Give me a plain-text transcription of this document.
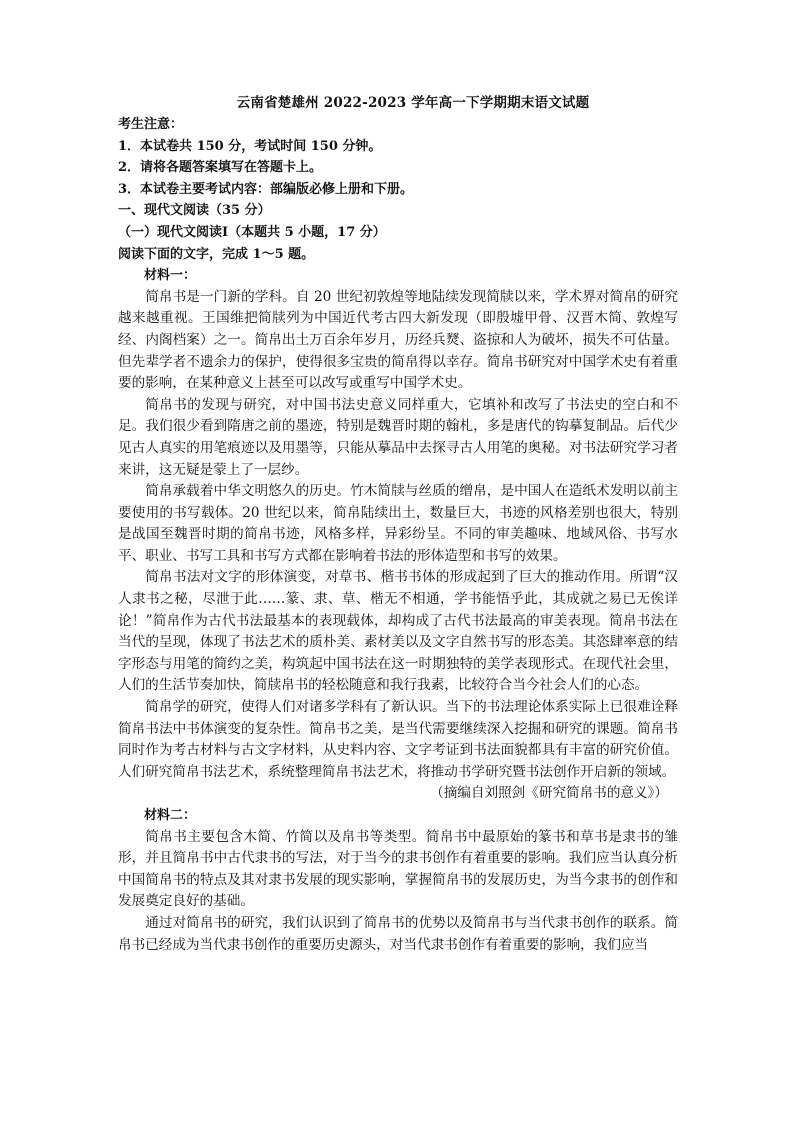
云南省楚雄州 2022-2023 学年高一下学期期末语文试题
考生注意：
1．本试卷共 150 分，考试时间 150 分钟。
2．请将各题答案填写在答题卡上。
3．本试卷主要考试内容：部编版必修上册和下册。
一、现代文阅读（35 分）
（一）现代文阅读Ⅰ（本题共 5 小题，17 分）
阅读下面的文字，完成 1～5 题。
材料一：

简帛书是一门新的学科。自 20 世纪初敦煌等地陆续发现简牍以来，学术界对简帛的研究越来越重视。王国维把简牍列为中国近代考古四大新发现（即殷墟甲骨、汉晋木简、敦煌写经、内阁档案）之一。简帛出土万百余年岁月，历经兵燹、盗掠和人为破坏，损失不可估量。但先辈学者不遗余力的保护，使得很多宝贵的简帛得以幸存。简帛书研究对中国学术史有着重要的影响，在某种意义上甚至可以改写或重写中国学术史。

简帛书的发现与研究，对中国书法史意义同样重大，它填补和改写了书法史的空白和不足。我们很少看到隋唐之前的墨迹，特别是魏晋时期的翰札，多是唐代的钩摹复制品。后代少见古人真实的用笔痕迹以及用墨等，只能从摹品中去探寻古人用笔的奥秘。对书法研究学习者来讲，这无疑是蒙上了一层纱。

简帛承载着中华文明悠久的历史。竹木简牍与丝质的缯帛，是中国人在造纸术发明以前主要使用的书写载体。20 世纪以来，简帛陆续出土，数量巨大，书迹的风格差别也很大，特别是战国至魏晋时期的简帛书迹，风格多样，异彩纷呈。不同的审美趣味、地域风俗、书写水平、职业、书写工具和书写方式都在影响着书法的形体造型和书写的效果。

简帛书法对文字的形体演变，对草书、楷书书体的形成起到了巨大的推动作用。所谓“汉人隶书之秘，尽泄于此……篆、隶、草、楷无不相通，学书能悟乎此，其成就之易已无俟详论！”简帛作为古代书法最基本的表现载体，却构成了古代书法最高的审美表现。简帛书法在当代的呈现，体现了书法艺术的质朴美、素材美以及文字自然书写的形态美。其恣肆率意的结字形态与用笔的简约之美，构筑起中国书法在这一时期独特的美学表现形式。在现代社会里，人们的生活节奏加快，简牍帛书的轻松随意和我行我素，比较符合当今社会人们的心态。

简帛学的研究，使得人们对诸多学科有了新认识。当下的书法理论体系实际上已很难诠释简帛书法中书体演变的复杂性。简帛书之美，是当代需要继续深入挖掘和研究的课题。简帛书同时作为考古材料与古文字材料，从史料内容、文字考证到书法面貌都具有丰富的研究价值。人们研究简帛书法艺术，系统整理简帛书法艺术，将推动书学研究暨书法创作开启新的领域。

（摘编自刘照剑《研究简帛书的意义》）
材料二：

简帛书主要包含木简、竹简以及帛书等类型。简帛书中最原始的篆书和草书是隶书的雏形，并且简帛书中古代隶书的写法，对于当今的隶书创作有着重要的影响。我们应当认真分析中国简帛书的特点及其对隶书发展的现实影响，掌握简帛书的发展历史，为当今隶书的创作和发展奠定良好的基础。

通过对简帛书的研究，我们认识到了简帛书的优势以及简帛书与当代隶书创作的联系。简帛书已经成为当代隶书创作的重要历史源头，对当代隶书创作有着重要的影响，我们应当
